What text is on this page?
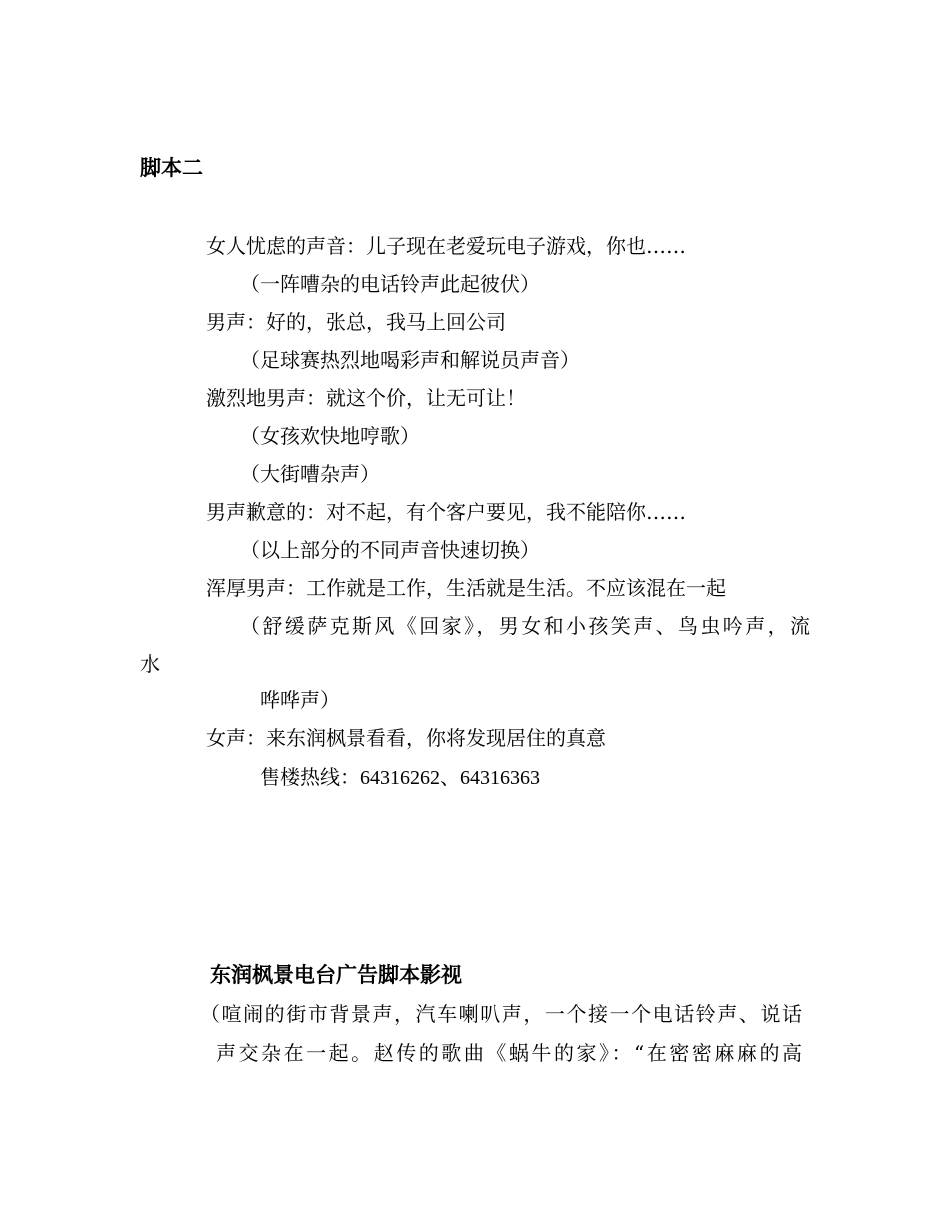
脚本二
女人忧虑的声音：儿子现在老爱玩电子游戏，你也……
（一阵嘈杂的电话铃声此起彼伏）
男声：好的，张总，我马上回公司
（足球赛热烈地喝彩声和解说员声音）
激烈地男声：就这个价，让无可让！
（女孩欢快地哼歌）
（大街嘈杂声）
男声歉意的：对不起，有个客户要见，我不能陪你……
（以上部分的不同声音快速切换）
浑厚男声：工作就是工作，生活就是生活。不应该混在一起
（舒缓萨克斯风《回家》，男女和小孩笑声、鸟虫吟声，流
水
哗哗声）
女声：来东润枫景看看，你将发现居住的真意
售楼热线：64316262、64316363
东润枫景电台广告脚本影视
（喧闹的街市背景声，汽车喇叭声，一个接一个电话铃声、说话
声交杂在一起。赵传的歌曲《蜗牛的家》：“在密密麻麻的高
